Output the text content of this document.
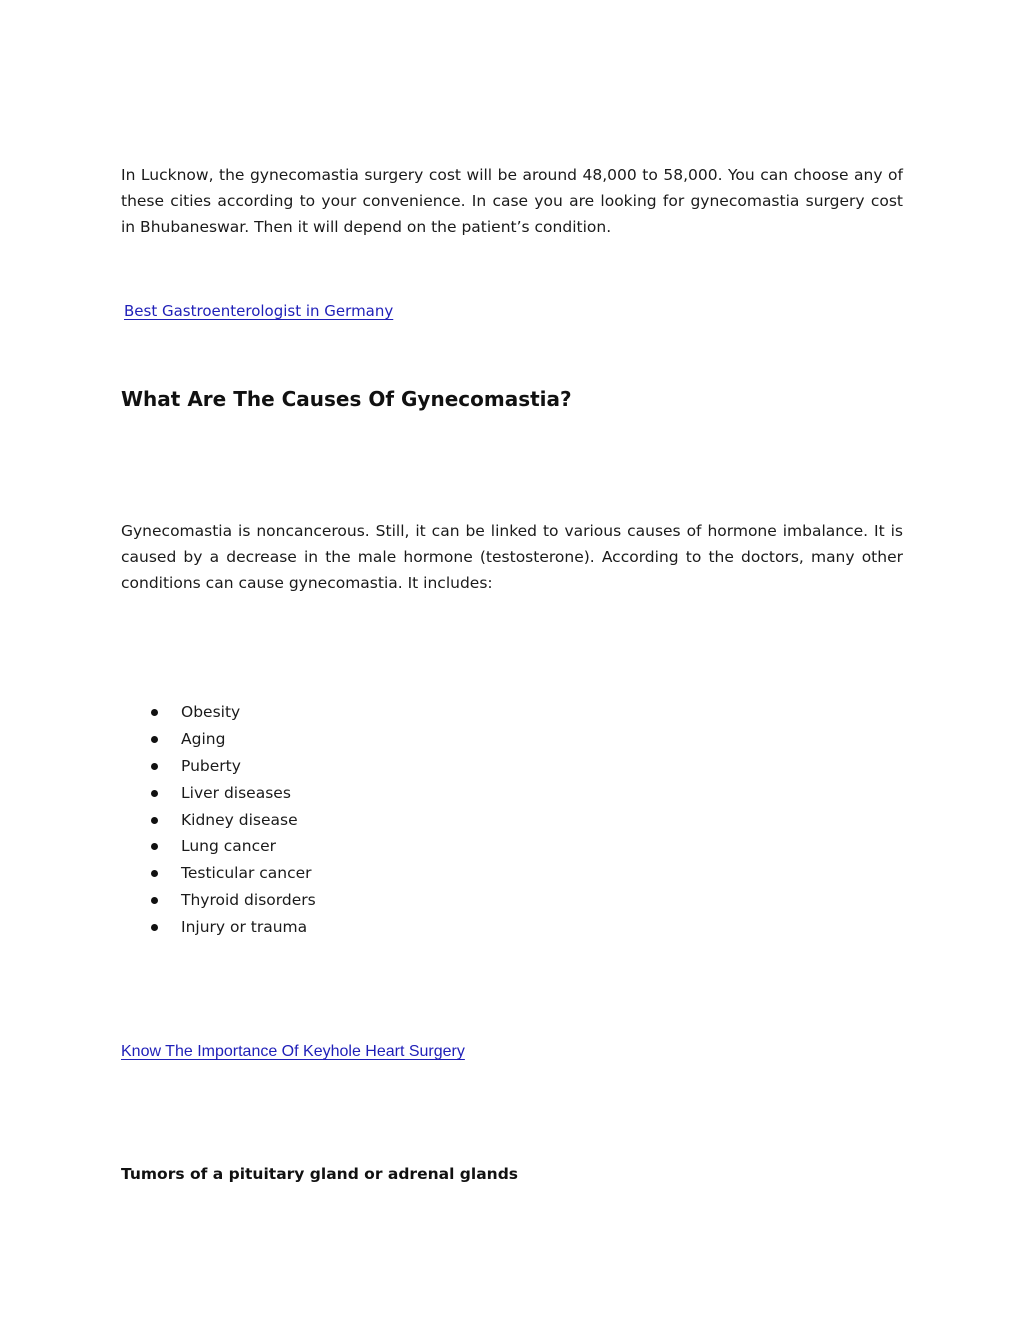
In Lucknow, the gynecomastia surgery cost will be around 48,000 to 58,000. You can choose any of these cities according to your convenience. In case you are looking for gynecomastia surgery cost in Bhubaneswar. Then it will depend on the patient’s condition.

Best Gastroenterologist in Germany
What Are The Causes Of Gynecomastia?

Gynecomastia is noncancerous. Still, it can be linked to various causes of hormone imbalance. It is caused by a decrease in the male hormone (testosterone). According to the doctors, many other conditions can cause gynecomastia. It includes:

Obesity
Aging
Puberty
Liver diseases
Kidney disease
Lung cancer
Testicular cancer
Thyroid disorders
Injury or trauma
Know The Importance Of Keyhole Heart Surgery

Tumors of a pituitary gland or adrenal glands
